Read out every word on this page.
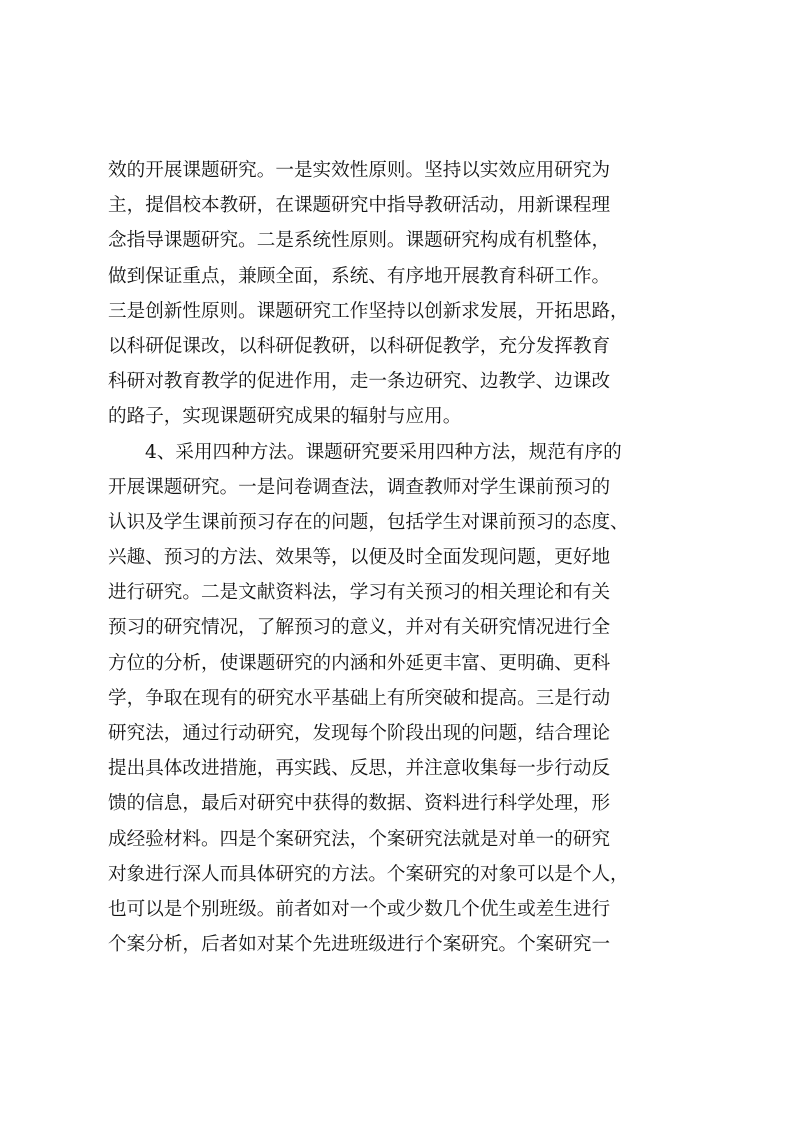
效的开展课题研究。一是实效性原则。坚持以实效应用研究为
主，提倡校本教研，在课题研究中指导教研活动，用新课程理
念指导课题研究。二是系统性原则。课题研究构成有机整体，
做到保证重点，兼顾全面，系统、有序地开展教育科研工作。
三是创新性原则。课题研究工作坚持以创新求发展，开拓思路，
以科研促课改，以科研促教研，以科研促教学，充分发挥教育
科研对教育教学的促进作用，走一条边研究、边教学、边课改
的路子，实现课题研究成果的辐射与应用。
4、采用四种方法。课题研究要采用四种方法，规范有序的
开展课题研究。一是问卷调查法，调查教师对学生课前预习的
认识及学生课前预习存在的问题，包括学生对课前预习的态度、
兴趣、预习的方法、效果等，以便及时全面发现问题，更好地
进行研究。二是文献资料法，学习有关预习的相关理论和有关
预习的研究情况，了解预习的意义，并对有关研究情况进行全
方位的分析，使课题研究的内涵和外延更丰富、更明确、更科
学，争取在现有的研究水平基础上有所突破和提高。三是行动
研究法，通过行动研究，发现每个阶段出现的问题，结合理论
提出具体改进措施，再实践、反思，并注意收集每一步行动反
馈的信息，最后对研究中获得的数据、资料进行科学处理，形
成经验材料。四是个案研究法，个案研究法就是对单一的研究
对象进行深人而具体研究的方法。个案研究的对象可以是个人，
也可以是个别班级。前者如对一个或少数几个优生或差生进行
个案分析，后者如对某个先进班级进行个案研究。个案研究一
